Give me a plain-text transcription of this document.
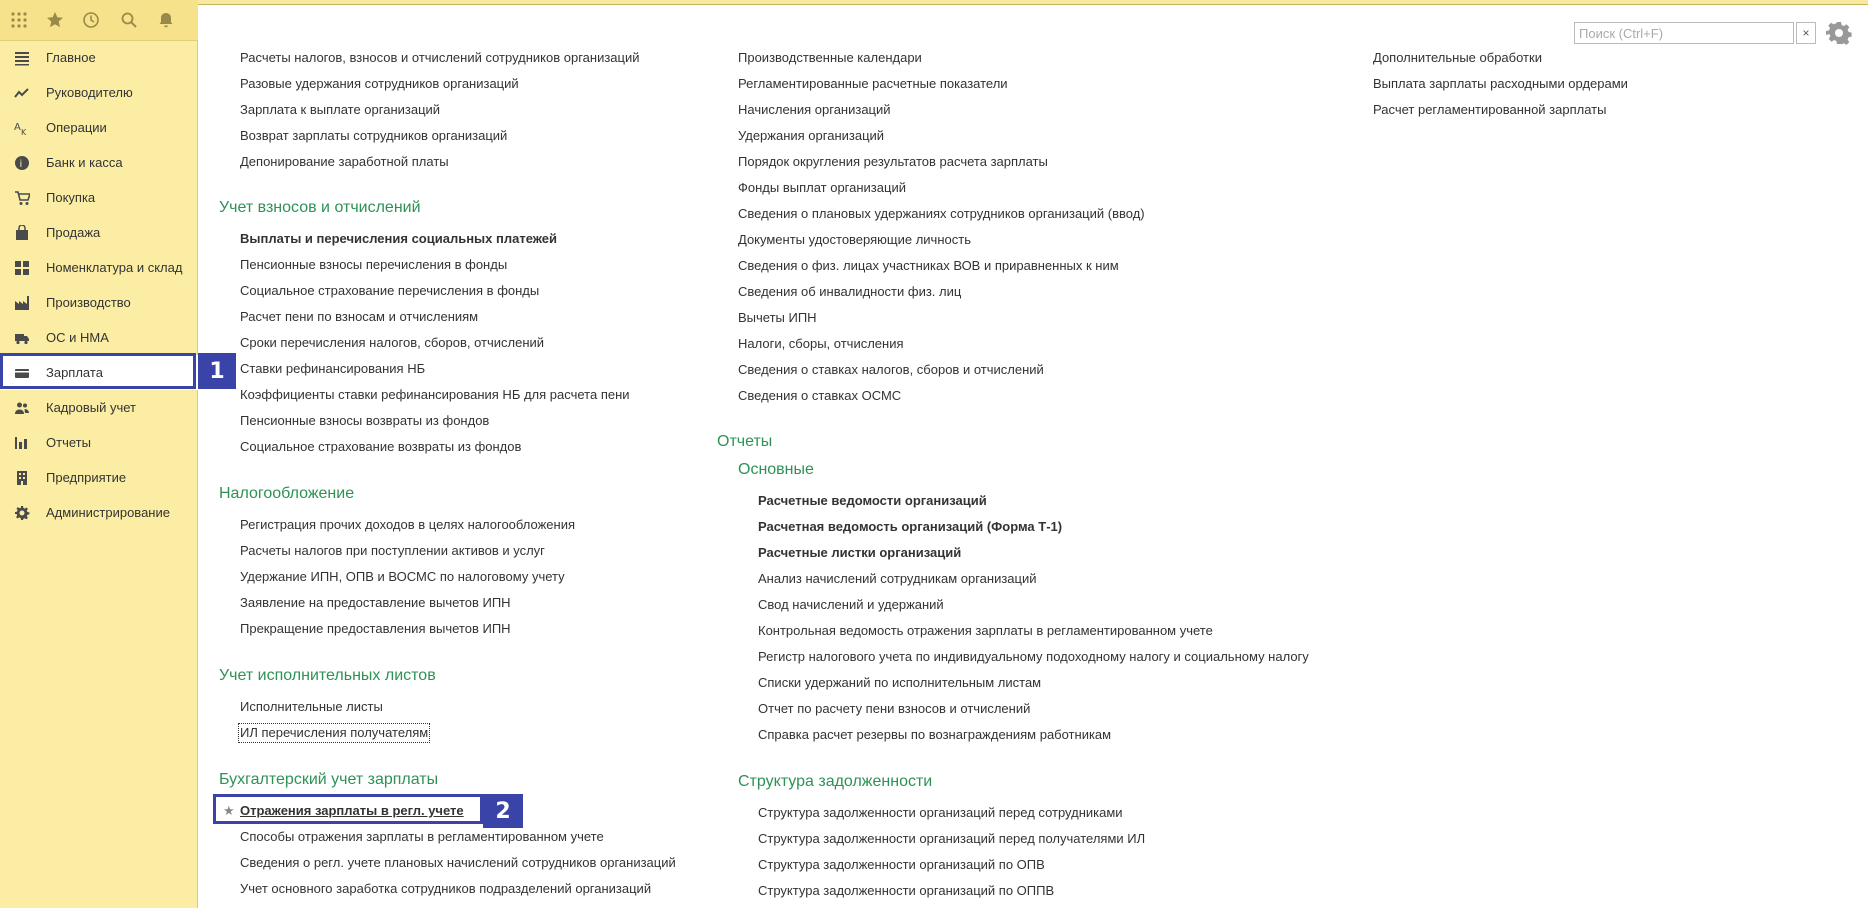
Главное
Руководителю
A K Операции
i Банк и касса
Покупка
Продажа
Номенклатура и склад
Производство
ОС и НМА
Зарплата
Кадровый учет
Отчеты
Предприятие
Администрирование
1
Поиск (Ctrl+F)
×
Расчеты налогов, взносов и отчислений сотрудников организаций
Разовые удержания сотрудников организаций
Зарплата к выплате организаций
Возврат зарплаты сотрудников организаций
Депонирование заработной платы
Учет взносов и отчислений
Выплаты и перечисления социальных платежей
Пенсионные взносы перечисления в фонды
Социальное страхование перечисления в фонды
Расчет пени по взносам и отчислениям
Сроки перечисления налогов, сборов, отчислений
Ставки рефинансирования НБ
Коэффициенты ставки рефинансирования НБ для расчета пени
Пенсионные взносы возвраты из фондов
Социальное страхование возвраты из фондов
Налогообложение
Регистрация прочих доходов в целях налогообложения
Расчеты налогов при поступлении активов и услуг
Удержание ИПН, ОПВ и ВОСМС по налоговому учету
Заявление на предоставление вычетов ИПН
Прекращение предоставления вычетов ИПН
Учет исполнительных листов
Исполнительные листы
ИЛ перечисления получателям
Бухгалтерский учет зарплаты
Отражения зарплаты в регл. учете
Способы отражения зарплаты в регламентированном учете
Сведения о регл. учете плановых начислений сотрудников организаций
Учет основного заработка сотрудников подразделений организаций
Производственные календари
Регламентированные расчетные показатели
Начисления организаций
Удержания организаций
Порядок округления результатов расчета зарплаты
Фонды выплат организаций
Сведения о плановых удержаниях сотрудников организаций (ввод)
Документы удостоверяющие личность
Сведения о физ. лицах участниках ВОВ и приравненных к ним
Сведения об инвалидности физ. лиц
Вычеты ИПН
Налоги, сборы, отчисления
Сведения о ставках налогов, сборов и отчислений
Сведения о ставках ОСМС
Отчеты
Основные
Расчетные ведомости организаций
Расчетная ведомость организаций (Форма Т-1)
Расчетные листки организаций
Анализ начислений сотрудникам организаций
Свод начислений и удержаний
Контрольная ведомость отражения зарплаты в регламентированном учете
Регистр налогового учета по индивидуальному подоходному налогу и социальному налогу
Списки удержаний по исполнительным листам
Отчет по расчету пени взносов и отчислений
Справка расчет резервы по вознаграждениям работникам
Структура задолженности
Структура задолженности организаций перед сотрудниками
Структура задолженности организаций перед получателями ИЛ
Структура задолженности организаций по ОПВ
Структура задолженности организаций по ОППВ
Дополнительные обработки
Выплата зарплаты расходными ордерами
Расчет регламентированной зарплаты
2
★
